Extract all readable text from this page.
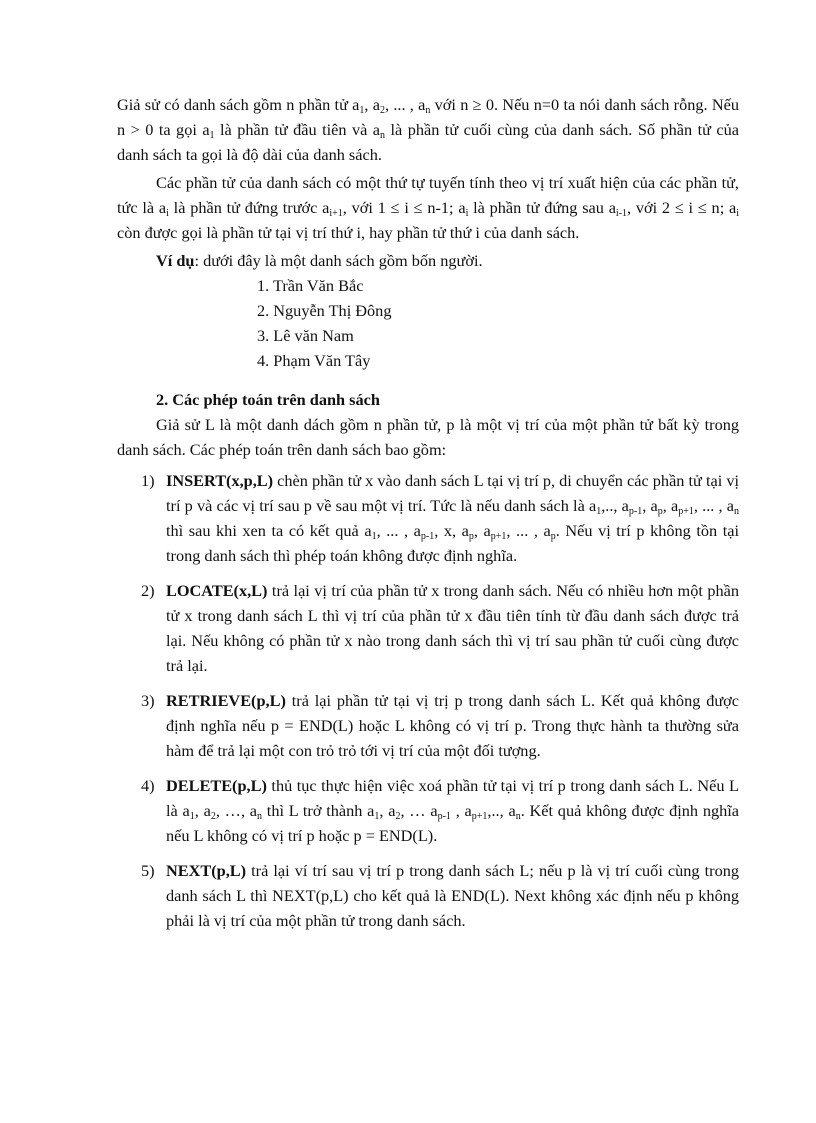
Giả sử có danh sách gồm n phần tử $a_1$, $a_2$, ... , $a_n$ với n ≥ 0. Nếu n=0 ta nói danh sách rỗng. Nếu n > 0 ta gọi $a_1$ là phần tử đầu tiên và $a_n$ là phần tử cuối cùng của danh sách. Số phần tử của danh sách ta gọi là độ dài của danh sách.

Các phần tử của danh sách có một thứ tự tuyến tính theo vị trí xuất hiện của các phần tử, tức là $a_i$ là phần tử đứng trước $a_{i+1}$, với 1 ≤ i ≤ n-1; $a_i$ là phần tử đứng sau $a_{i-1}$, với 2 ≤ i ≤ n; $a_i$ còn được gọi là phần tử tại vị trí thứ i, hay phần tử thứ i của danh sách.

Ví dụ: dưới đây là một danh sách gồm bốn người.

1. Trần Văn Bắc
2. Nguyễn Thị Đông
3. Lê văn Nam
4. Phạm Văn Tây

2. Các phép toán trên danh sách

Giả sử L là một danh dách gồm n phần tử, p là một vị trí của một phần tử bất kỳ trong danh sách. Các phép toán trên danh sách bao gồm:

1) INSERT(x,p,L) chèn phần tử x vào danh sách L tại vị trí p, di chuyển các phần tử tại vị trí p và các vị trí sau p về sau một vị trí. Tức là nếu danh sách là $a_1$,.., $a_{p-1}$, $a_p$, $a_{p+1}$, ... , $a_n$ thì sau khi xen ta có kết quả $a_1$, ... , $a_{p-1}$, x, $a_p$, $a_{p+1}$, ... , $a_p$. Nếu vị trí p không tồn tại trong danh sách thì phép toán không được định nghĩa.
2) LOCATE(x,L) trả lại vị trí của phần tử x trong danh sách. Nếu có nhiều hơn một phần tử x trong danh sách L thì vị trí của phần tử x đầu tiên tính từ đầu danh sách được trả lại. Nếu không có phần tử x nào trong danh sách thì vị trí sau phần tử cuối cùng được trả lại.
3) RETRIEVE(p,L) trả lại phần tử tại vị trị p trong danh sách L. Kết quả không được định nghĩa nếu p = END(L) hoặc L không có vị trí p. Trong thực hành ta thường sửa hàm để trả lại một con trỏ trỏ tới vị trí của một đối tượng.
4) DELETE(p,L) thủ tục thực hiện việc xoá phần tử tại vị trí p trong danh sách L. Nếu L là $a_1$, $a_2$, …, $a_n$ thì L trở thành $a_1$, $a_2$, … $a_{p-1}$ , $a_{p+1}$,.., $a_n$. Kết quả không được định nghĩa nếu L không có vị trí p hoặc p = END(L).
5) NEXT(p,L) trả lại ví trí sau vị trí p trong danh sách L; nếu p là vị trí cuối cùng trong danh sách L thì NEXT(p,L) cho kết quả là END(L). Next không xác định nếu p không phải là vị trí của một phần tử trong danh sách.
